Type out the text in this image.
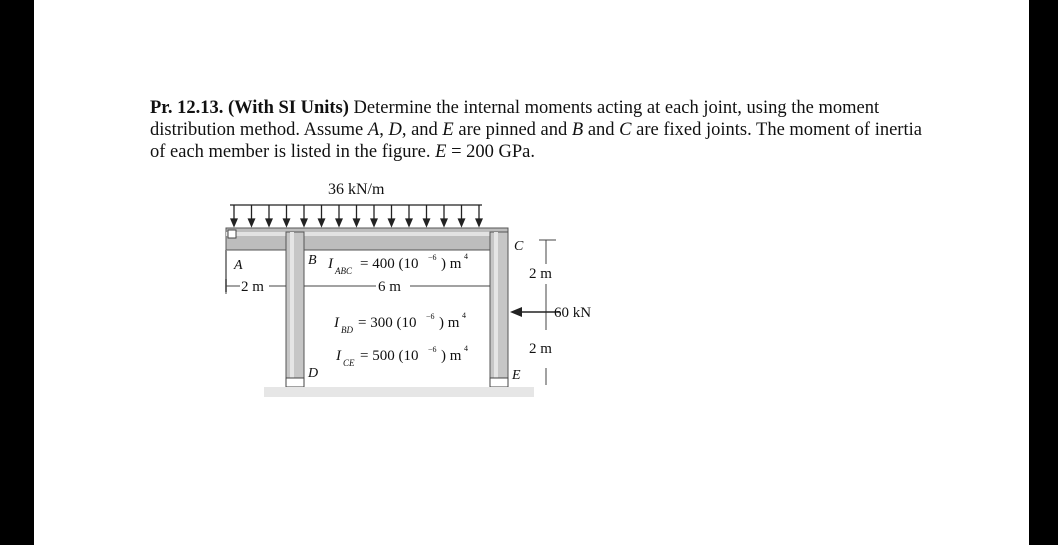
Pr. 12.13. (With SI Units) Determine the internal moments acting at each joint, using the moment distribution method. Assume A, D, and E are pinned and B and C are fixed joints. The moment of inertia of each member is listed in the figure. E = 200 GPa.

36 kN/m
A	B
C
D	E
I ABC = 400 (10 −6 ) m 4
2 m	6 m
I BD = 300 (10 −6 ) m 4
I CE = 500 (10 −6 ) m 4
2 m
2 m
60 kN
